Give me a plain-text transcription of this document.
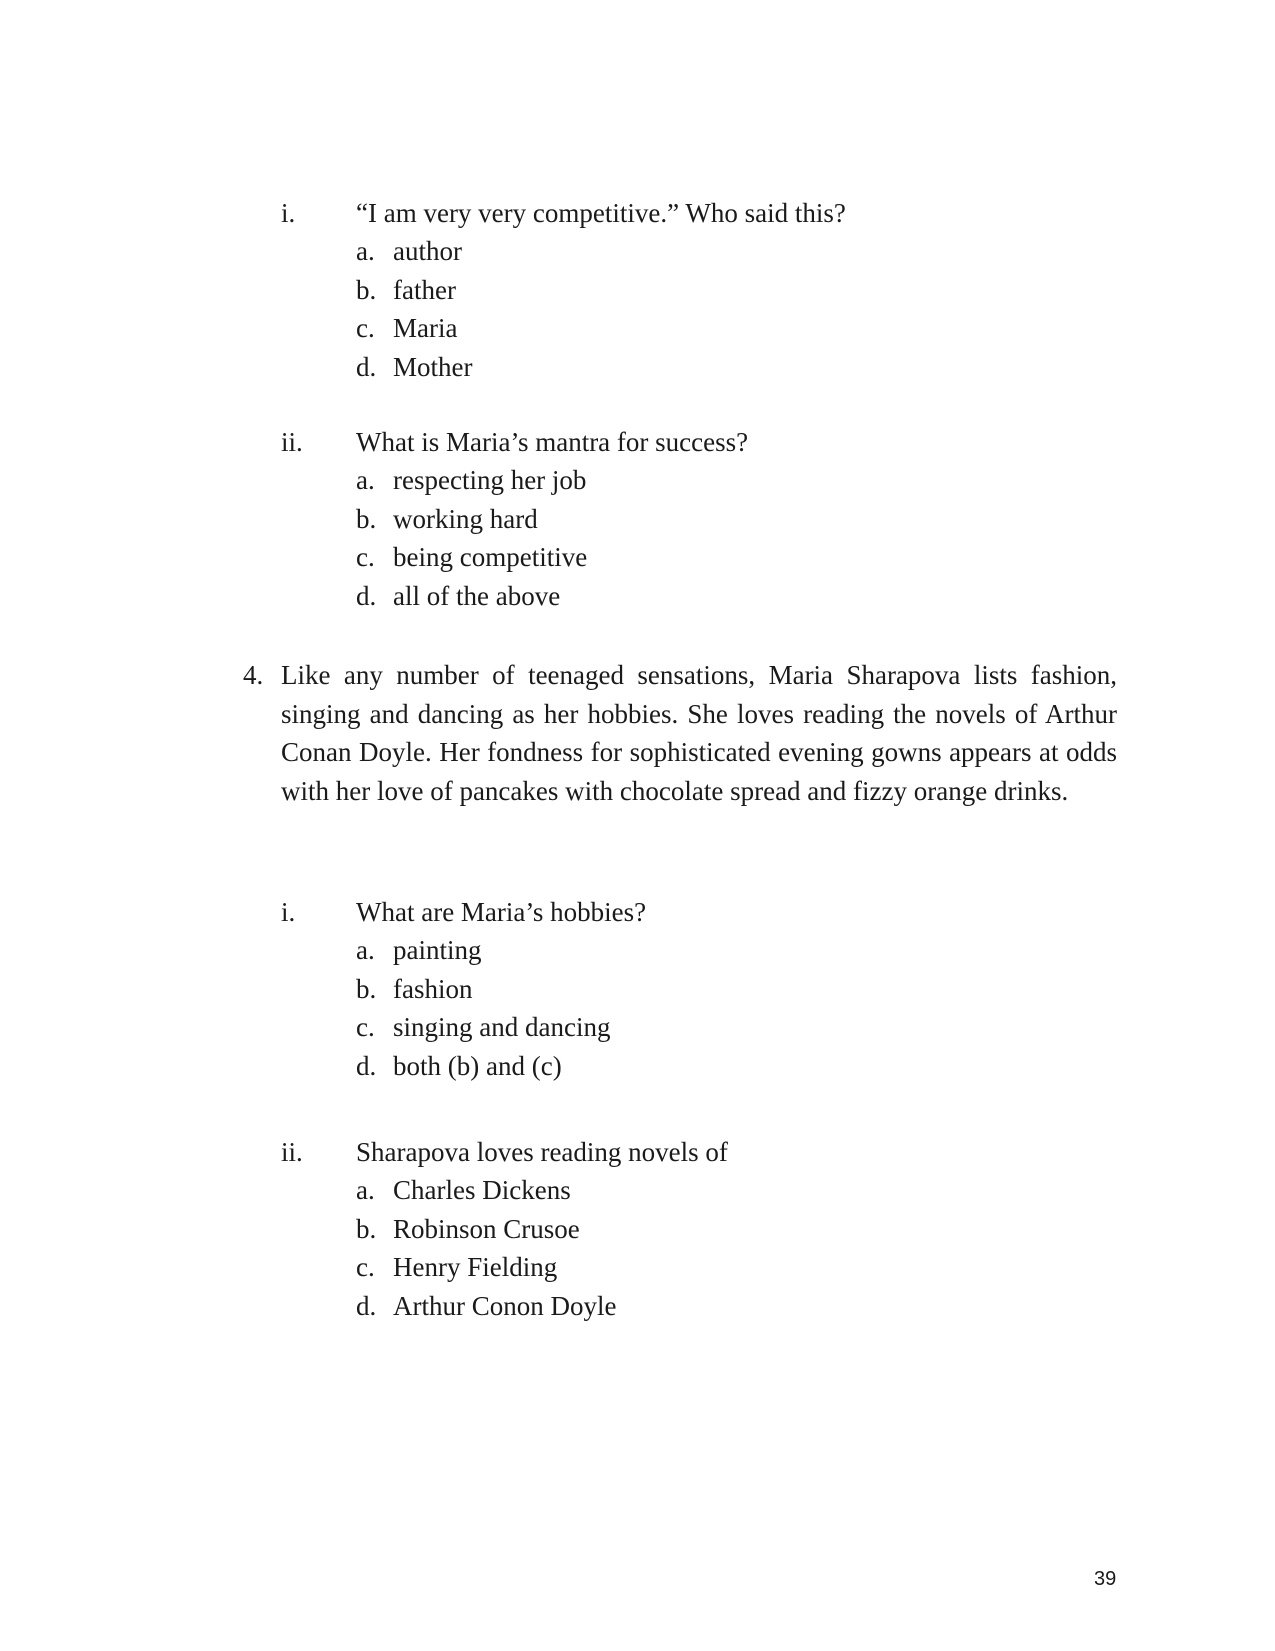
i. “I am very very competitive.” Who said this?
a. author
b. father
c. Maria
d. Mother
ii. What is Maria’s mantra for success?
a. respecting her job
b. working hard
c. being competitive
d. all of the above
4. Like any number of teenaged sensations, Maria Sharapova lists fashion, singing and dancing as her hobbies. She loves reading the novels of Arthur Conan Doyle. Her fondness for sophisticated evening gowns appears at odds with her love of pancakes with chocolate spread and fizzy orange drinks.
i. What are Maria’s hobbies?
a. painting
b. fashion
c. singing and dancing
d. both (b) and (c)
ii. Sharapova loves reading novels of
a. Charles Dickens
b. Robinson Crusoe
c. Henry Fielding
d. Arthur Conon Doyle
39
